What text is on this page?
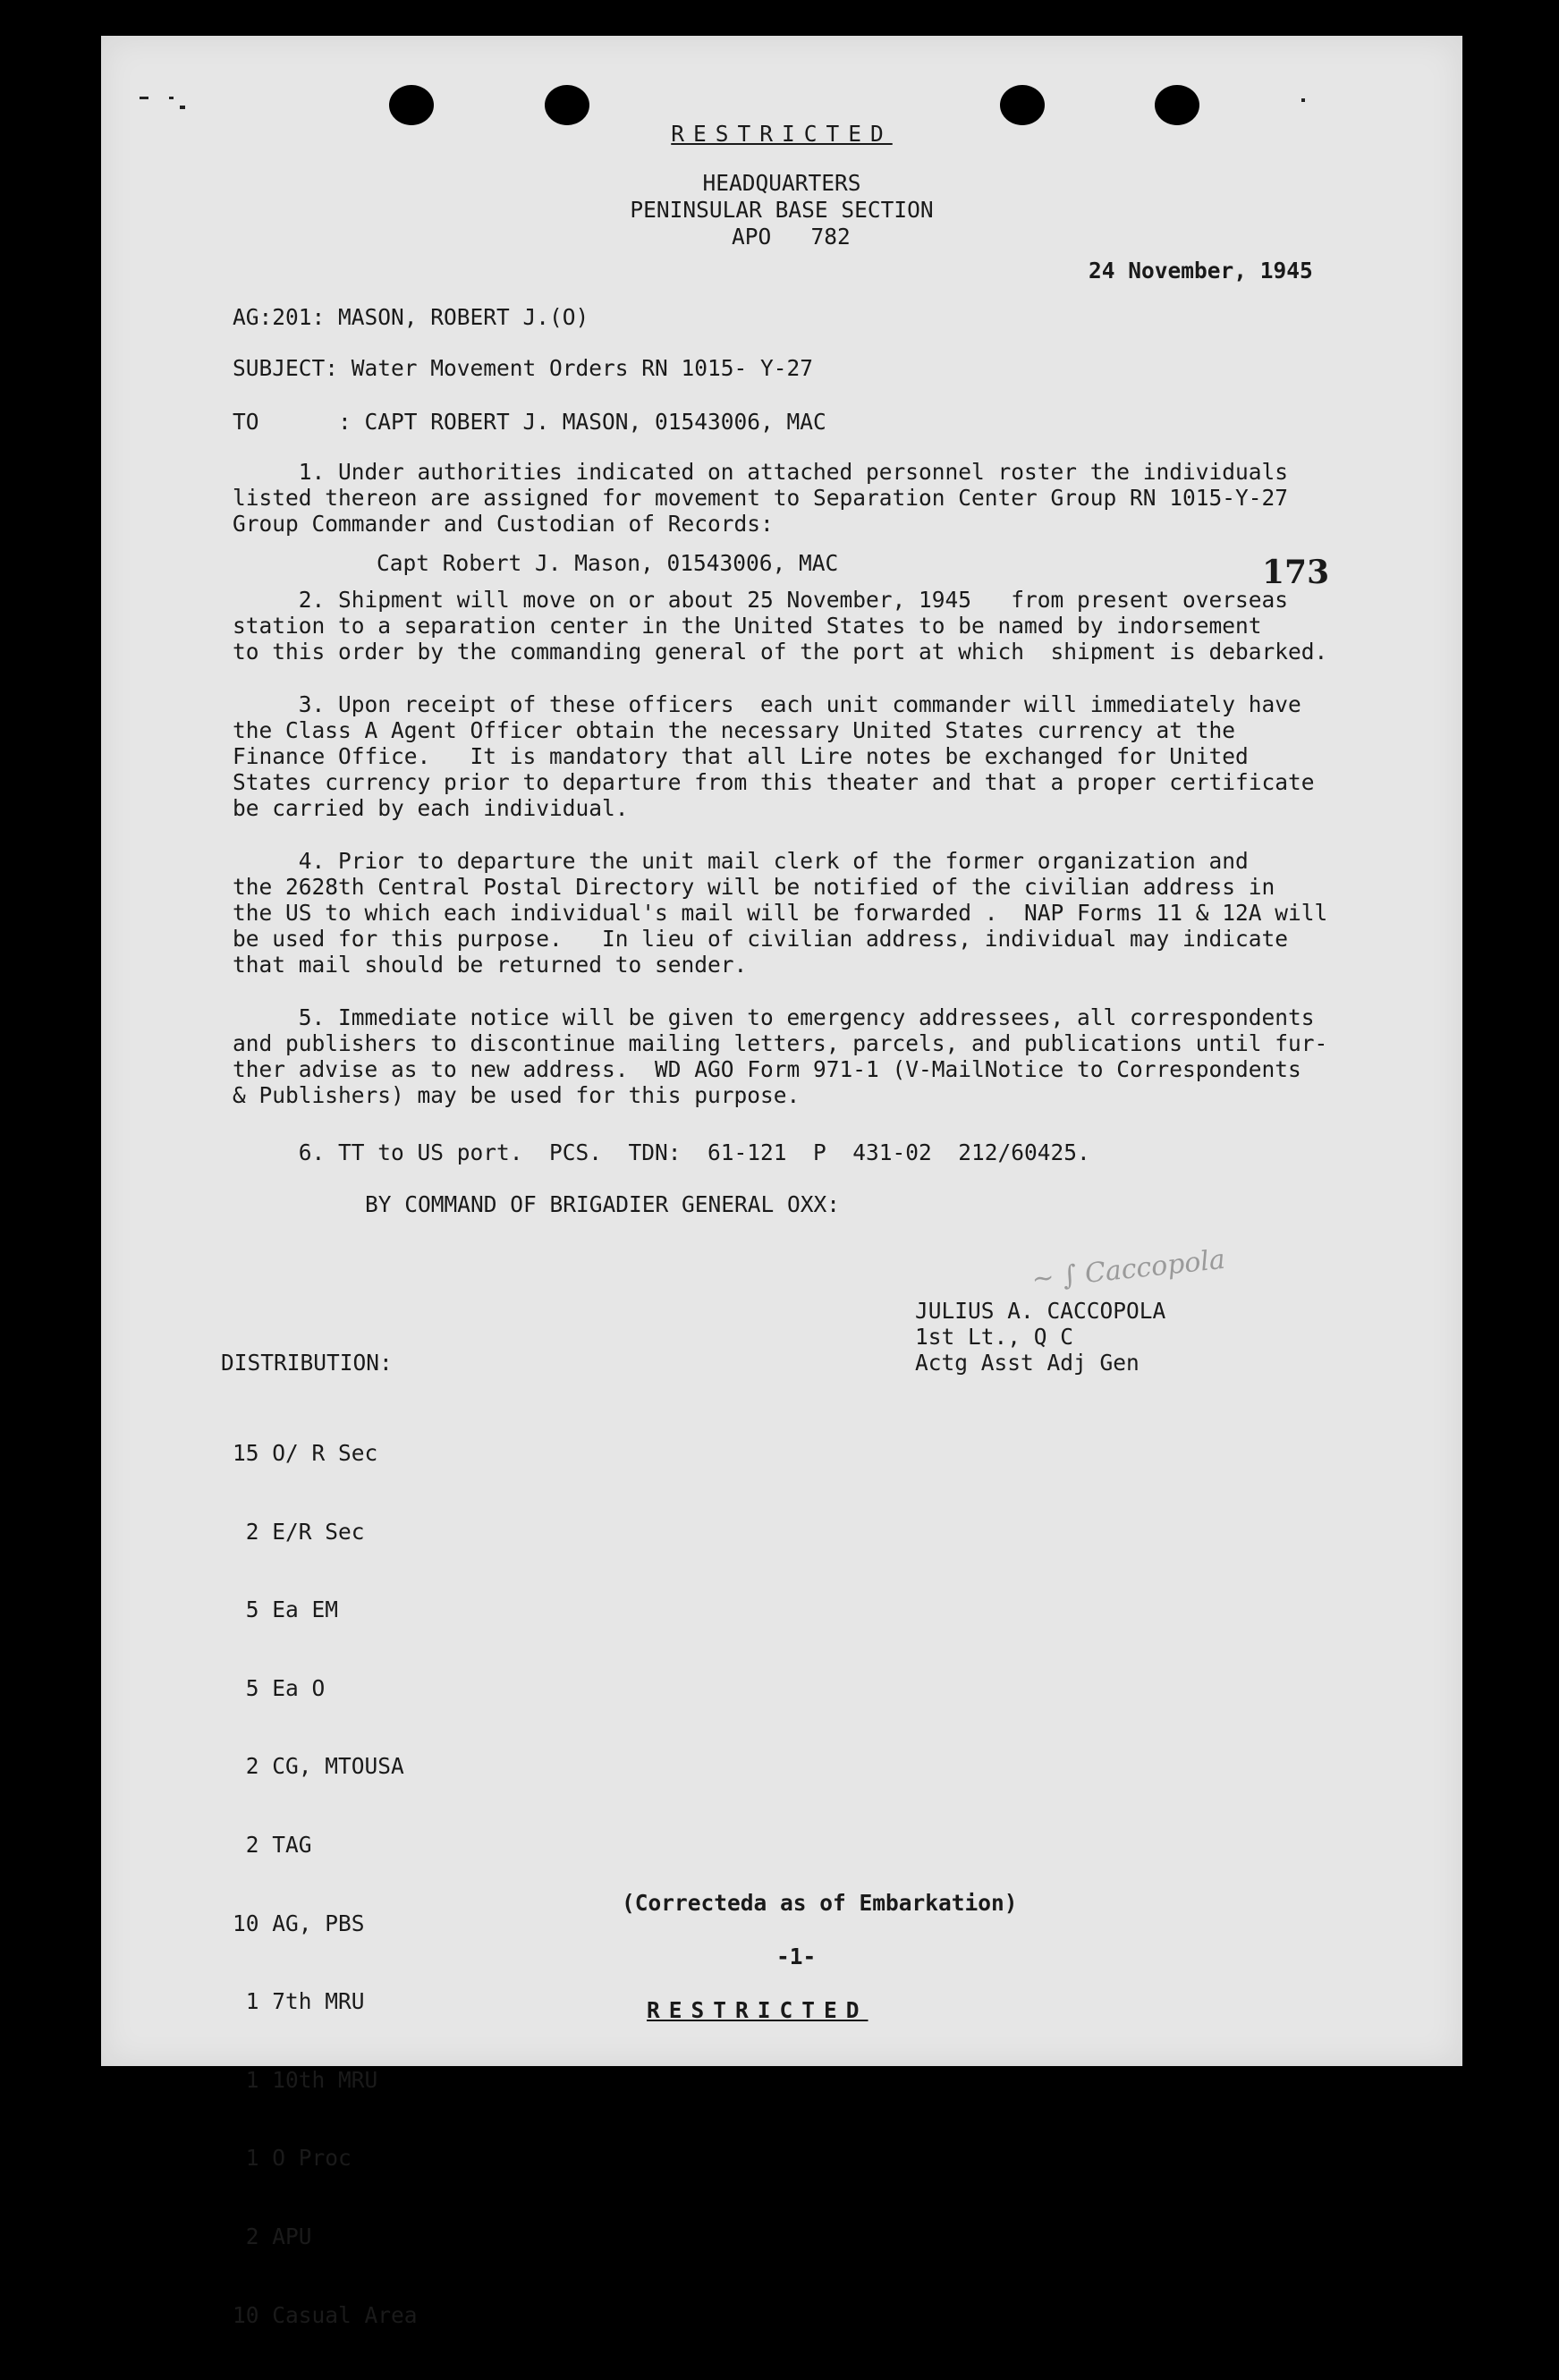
RESTRICTED
HEADQUARTERS
PENINSULAR BASE SECTION
APO   782
24 November, 1945
AG:201: MASON, ROBERT J.(O)
SUBJECT: Water Movement Orders RN 1015- Y-27
TO      : CAPT ROBERT J. MASON, 01543006, MAC
173
1. Under authorities indicated on attached personnel roster the individuals
listed thereon are assigned for movement to Separation Center Group RN 1015-Y-27
Group Commander and Custodian of Records:
Capt Robert J. Mason, 01543006, MAC
2. Shipment will move on or about 25 November, 1945   from present overseas
station to a separation center in the United States to be named by indorsement
to this order by the commanding general of the port at which  shipment is debarked.
3. Upon receipt of these officers  each unit commander will immediately have
the Class A Agent Officer obtain the necessary United States currency at the
Finance Office.   It is mandatory that all Lire notes be exchanged for United
States currency prior to departure from this theater and that a proper certificate
be carried by each individual.
4. Prior to departure the unit mail clerk of the former organization and
the 2628th Central Postal Directory will be notified of the civilian address in
the US to which each individual's mail will be forwarded .  NAP Forms 11 & 12A will
be used for this purpose.   In lieu of civilian address, individual may indicate
that mail should be returned to sender.
5. Immediate notice will be given to emergency addressees, all correspondents
and publishers to discontinue mailing letters, parcels, and publications until fur-
ther advise as to new address.  WD AGO Form 971-1 (V-MailNotice to Correspondents
& Publishers) may be used for this purpose.
6. TT to US port.  PCS.  TDN:  61-121  P  431-02  212/60425.
BY COMMAND OF BRIGADIER GENERAL OXX:
~ ∫ ﻿Caccopola
JULIUS A. CACCOPOLA
1st Lt., Q C
Actg Asst Adj Gen
DISTRIBUTION:

15 O/ R Sec

2 E/R Sec

5 Ea EM

5 Ea O

2 CG, MTOUSA

2 TAG

10 AG, PBS

1 7th MRU

1 10th MRU

1 O Proc

2 APU

10 Casual Area

(Correctedа as of Embarkation)
-1-
RESTRICTED
